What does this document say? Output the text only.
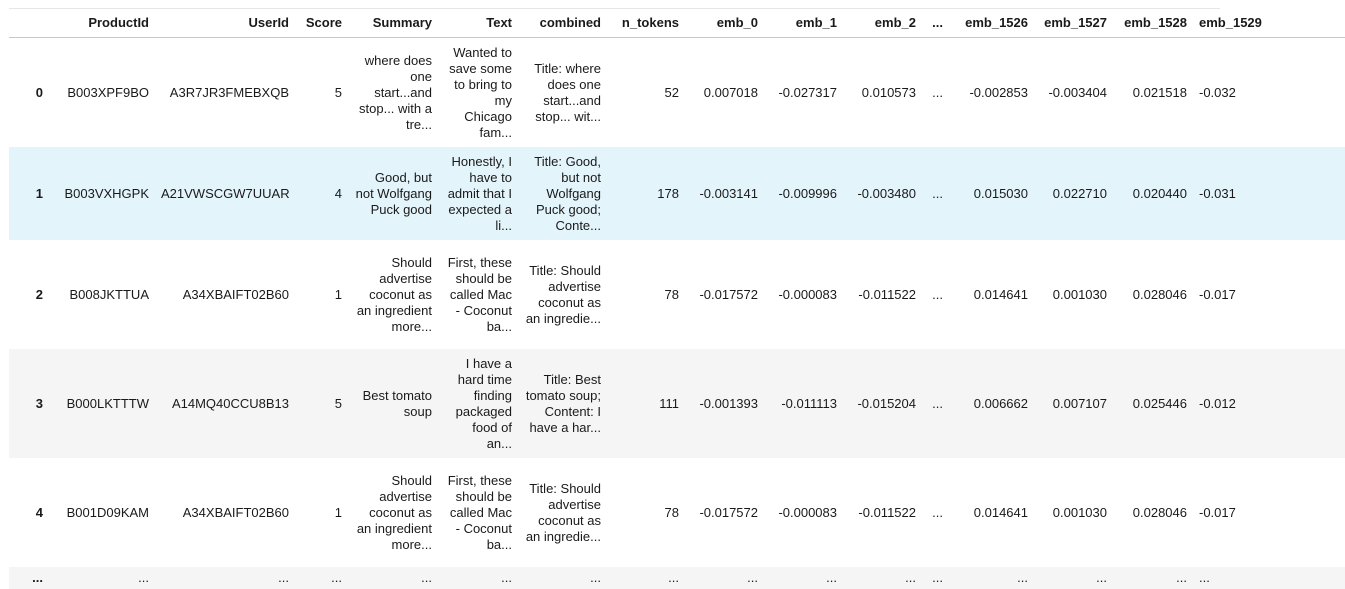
	ProductId	UserId	Score	Summary	Text	combined	n_tokens	emb_0	emb_1	emb_2	...	emb_1526	emb_1527	emb_1528	emb_1529
0	B003XPF9BO	A3R7JR3FMEBXQB	5	where does one start...and stop... with a tre...	Wanted to save some to bring to my Chicago fam...	Title: where does one start...and stop... wit...	52	0.007018	-0.027317	0.010573	...	-0.002853	-0.003404	0.021518	-0.032
1	B003VXHGPK	A21VWSCGW7UUAR	4	Good, but not Wolfgang Puck good	Honestly, I have to admit that I expected a li...	Title: Good, but not Wolfgang Puck good; Conte...	178	-0.003141	-0.009996	-0.003480	...	0.015030	0.022710	0.020440	-0.031
2	B008JKTTUA	A34XBAIFT02B60	1	Should advertise coconut as an ingredient more...	First, these should be called Mac - Coconut ba...	Title: Should advertise coconut as an ingredie...	78	-0.017572	-0.000083	-0.011522	...	0.014641	0.001030	0.028046	-0.017
3	B000LKTTTW	A14MQ40CCU8B13	5	Best tomato soup	I have a hard time finding packaged food of an...	Title: Best tomato soup; Content: I have a har...	111	-0.001393	-0.011113	-0.015204	...	0.006662	0.007107	0.025446	-0.012
4	B001D09KAM	A34XBAIFT02B60	1	Should advertise coconut as an ingredient more...	First, these should be called Mac - Coconut ba...	Title: Should advertise coconut as an ingredie...	78	-0.017572	-0.000083	-0.011522	...	0.014641	0.001030	0.028046	-0.017
...	...	...	...	...	...	...	...	...	...	...	...	...	...	...	...
